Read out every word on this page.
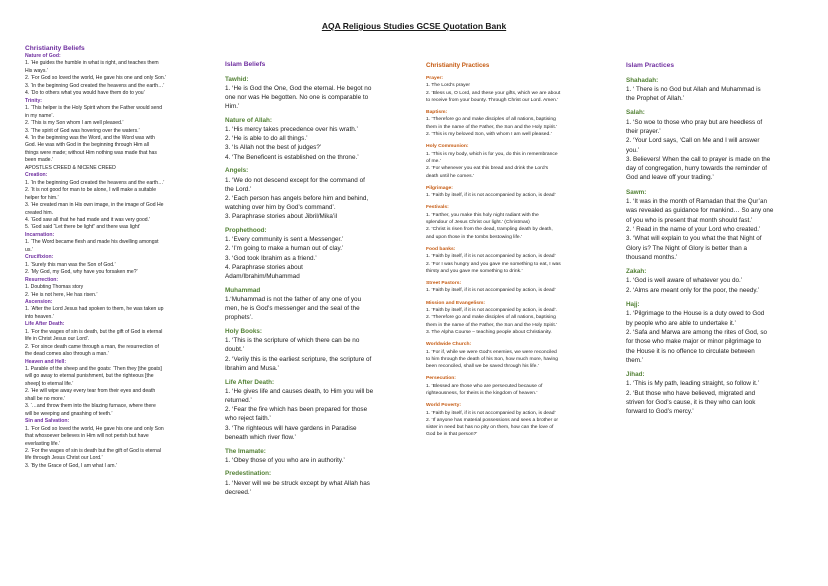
AQA Religious Studies GCSE Quotation Bank
Christianity Beliefs
Nature of God:
1. ‘He guides the humble in what is right, and teaches them
His ways.’
2. ‘For God so loved the world, He gave his one and only Son.’
3. ‘In the beginning God created the heavens and the earth…’
4. ‘Do to others what you would have them do to you’
Trinity:
1. ‘This helper is the Holy Spirit whom the Father would send
in my name’.
2. ‘This is my Son whom I am well pleased.’
3. ‘The spirit of God was hovering over the waters.’
4. ‘In the beginning was the Word, and the Word was with
God. He was with God in the beginning through Him all
things were made; without Him nothing was made that has
been made.’
APOSTLES CREED & NICENE CREED
Creation:
1. ‘In the beginning God created the heavens and the earth…’
2. ‘It is not good for man to be alone, I will make a suitable
helper for him.’
3. ‘He created man in His own image, in the image of God He
created him.
4. ‘God saw all that he had made and it was very good.’
5. ‘God said “Let there be light” and there was light’
Incarnation:
1. ‘The Word became flesh and made his dwelling amongst
us.’
Crucifixion:
1. ‘Surely this man was the Son of God.’
2. ‘My God, my God, why have you forsaken me?’
Resurrection:
1. Doubting Thomas story
2. ‘He is not here, He has risen.’
Ascension:
1. ‘After the Lord Jesus had spoken to them, he was taken up
into heaven.’
Life After Death:
1. ‘For the wages of sin is death, but the gift of God is eternal
life in Christ Jesus our Lord’.
2. ‘For since death came through a man, the resurrection of
the dead comes also through a man.’
Heaven and Hell:
1. Parable of the sheep and the goats: ‘Then they [the goats]
will go away to eternal punishment, but the righteous [the
sheep] to eternal life.’
2. ‘He will wipe away every tear from their eyes and death
shall be no more.’
3. ‘…and throw them into the blazing furnace, where there
will be weeping and gnashing of teeth.’
Sin and Salvation:
1. ‘For God so loved the world, He gave his one and only Son
that whosoever believes in Him will not perish but have
everlasting life.’
2. ‘For the wages of sin is death but the gift of God is eternal
life through Jesus Christ our Lord.’
3. ‘By the Grace of God, I am what I am.’
Islam Beliefs
Tawhid:
1. ‘He is God the One, God the eternal. He begot no
one nor was He begotten. No one is comparable to
Him.’
Nature of Allah:
1. ‘His mercy takes precedence over his wrath.’
2. ‘He is able to do all things.’
3. ‘Is Allah not the best of judges?’
4. ‘The Beneficent is established on the throne.’
Angels:
1. ‘We do not descend except for the command of
the Lord.’
2. ‘Each person has angels before him and behind,
watching over him by God’s command’.
3. Paraphrase stories about Jibril/Mika’il
Prophethood:
1. ‘Every community is sent a Messenger.’
2. ‘I’m going to make a human out of clay.’
3. ‘God took Ibrahim as a friend.’
4. Paraphrase stories about
Adam/Ibrahim/Muhammad
Muhammad
1.‘Muhammad is not the father of any one of you
men, he is God’s messenger and the seal of the
prophets’.
Holy Books:
1. ‘This is the scripture of which there can be no
doubt.’
2. ‘Verily this is the earliest scripture, the scripture of
Ibrahim and Musa.’
Life After Death:
1. ‘He gives life and causes death, to Him you will be
returned.’
2. ‘Fear the fire which has been prepared for those
who reject faith.’
3. ‘The righteous will have gardens in Paradise
beneath which river flow.’
The Imamate:
1. ‘Obey those of you who are in authority.’
Predestination:
1. ‘Never will we be struck except by what Allah has
decreed.’
Christianity Practices
Prayer:
1. The Lord’s prayer
2. ‘Bless us, O Lord, and these your gifts, which we are about
to receive from your bounty. Through Christ our Lord. Amen.’
Baptism:
1. ‘Therefore go and make disciples of all nations, baptising
them in the name of the Father, the Son and the Holy Spirit.’
2. ‘This is my beloved Son, with whom I am well pleased.’
Holy Communion:
1. ‘This is my body, which is for you, do this in remembrance
of me.’
2. ‘For whenever you eat this bread and drink the Lord’s
death until he comes.’
Pilgrimage:
1. ‘Faith by itself, if it is not accompanied by action, is dead’
Festivals:
1. ‘Farther, you make this holy night radiant with the
splendour of Jesus Christ our light.’ (Christmas)
2. ‘Christ is risen from the dead, trampling death by death,
and upon those in the tombs bestowing life.’
Food banks:
1. ‘Faith by itself, if it is not accompanied by action, is dead’
2. ‘For I was hungry and you gave me something to eat, I was
thirsty and you gave me something to drink.’
Street Pastors:
1. ‘Faith by itself, if it is not accompanied by action, is dead’
Mission and Evangelism:
1. ‘Faith by itself, if it is not accompanied by action, is dead’.
2. ‘Therefore go and make disciples of all nations, baptising
them in the name of the Father, the Son and the Holy Spirit.’
3. The Alpha Course – teaching people about Christianity.
Worldwide Church:
1. ‘For if, while we were God’s enemies, we were reconciled
to him through the death of his Son, how much more, having
been reconciled, shall we be saved through his life.’
Persecution:
1. ‘Blessed are those who are persecuted because of
righteousness, for theirs is the kingdom of heaven.’
World Poverty:
1. ‘Faith by itself, if it is not accompanied by action, is dead’
2. ‘If anyone has material possessions and sees a brother or
sister in need but has no pity on them, how can the love of
God be in that person?’
Islam Practices
Shahadah:
1. ‘ There is no God but Allah and Muhammad is
the Prophet of Allah.’
Salah:
1. ‘So woe to those who pray but are heedless of
their prayer.’
2. ‘Your Lord says, ‘Call on Me and I will answer
you.’
3. Believers! When the call to prayer is made on the
day of congregation, hurry towards the reminder of
God and leave off your trading.’
Sawm:
1. ‘It was in the month of Ramadan that the Qur’an
was revealed as guidance for mankind… So any one
of you who is present that month should fast.’
2. ‘ Read in the name of your Lord who created.’
3. ‘What will explain to you what the that Night of
Glory is? The Night of Glory is better than a
thousand months.’
Zakah:
1. ‘God is well aware of whatever you do.’
2. ‘Alms are meant only for the poor, the needy.’
Hajj:
1. ‘Pilgrimage to the House is a duty owed to God
by people who are able to undertake it.’
2. ‘Safa and Marwa are among the rites of God, so
for those who make major or minor pilgrimage to
the House it is no offence to circulate between
them.’
Jihad:
1. ‘This is My path, leading straight, so follow it.’
2. ‘But those who have believed, migrated and
striven for God’s cause, it is they who can look
forward to God’s mercy.’
